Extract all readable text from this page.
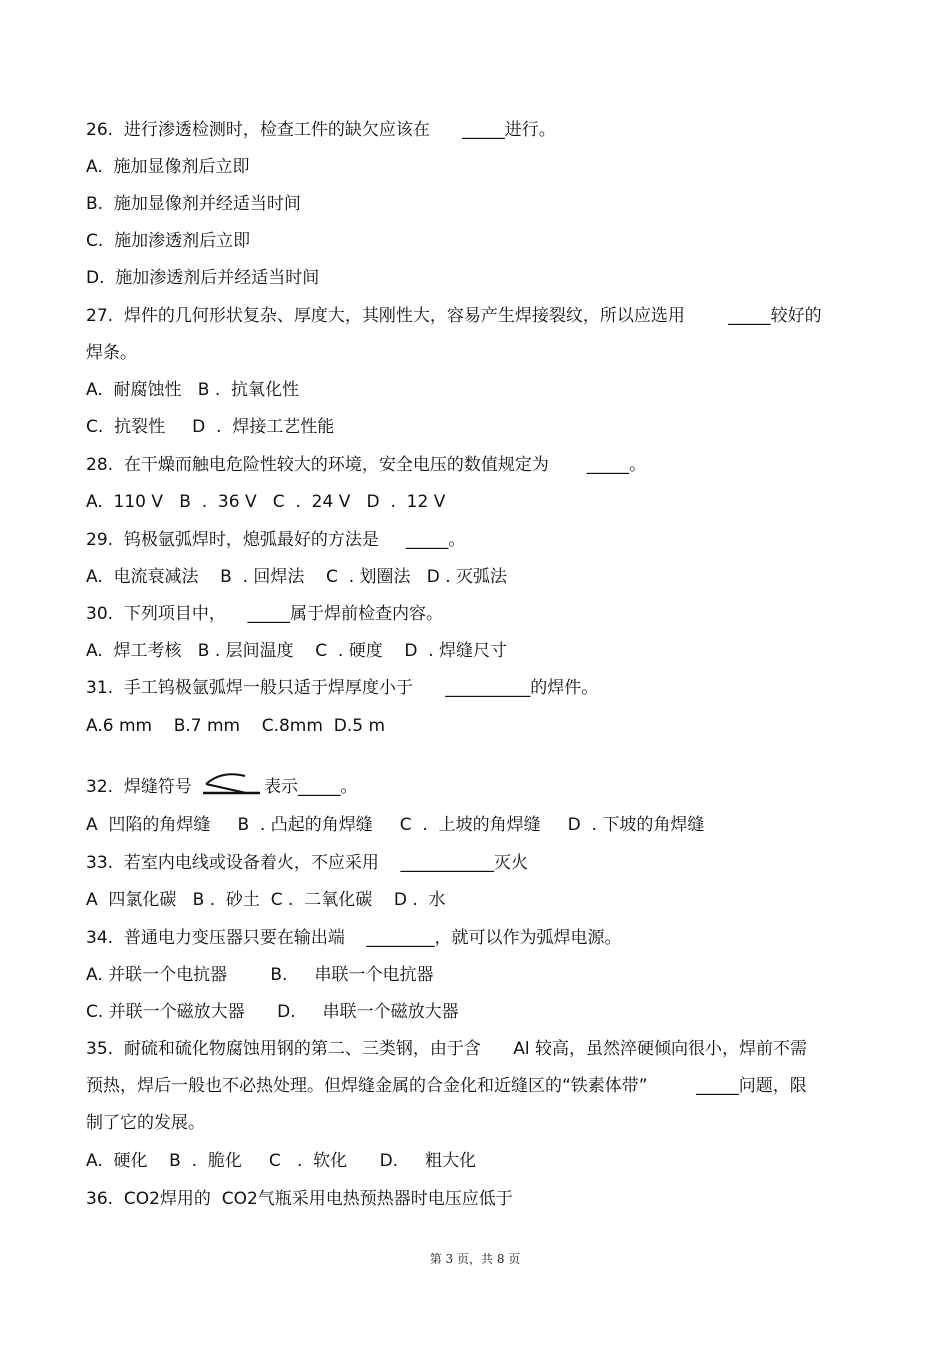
26.  进行渗透检测时，检查工件的缺欠应该在      _____进行。
A.  施加显像剂后立即
B.  施加显像剂并经适当时间
C.  施加渗透剂后立即
D.  施加渗透剂后并经适当时间
27.  焊件的几何形状复杂、厚度大，其刚性大，容易产生焊接裂纹，所以应选用        _____较好的
焊条。
A.  耐腐蚀性   B .  抗氧化性
C.  抗裂性     D  .  焊接工艺性能
28.  在干燥而触电危险性较大的环境，安全电压的数值规定为       _____。
A.  110 V   B  .  36 V   C  .  24 V   D  .  12 V
29.  钨极氩弧焊时，熄弧最好的方法是     _____。
A.  电流衰减法    B  . 回焊法    C  . 划圈法   D . 灭弧法
30.  下列项目中，    _____属于焊前检查内容。
A.  焊工考核   B . 层间温度    C  . 硬度    D  . 焊缝尺寸
31.  手工钨极氩弧焊一般只适于焊厚度小于      __________的焊件。
A.6 mm    B.7 mm    C.8mm  D.5 m
32.  焊缝符号	表示_____。
A  凹陷的角焊缝     B  . 凸起的角焊缝     C  .  上坡的角焊缝     D  . 下坡的角焊缝
33.  若室内电线或设备着火，不应采用    ___________灭火
A  四氯化碳   B .  砂土  C .  二氧化碳    D .  水
34.  普通电力变压器只要在输出端    ________，就可以作为弧焊电源。
A. 并联一个电抗器        B.     串联一个电抗器
C. 并联一个磁放大器      D.     串联一个磁放大器
35.  耐硫和硫化物腐蚀用钢的第二、三类钢，由于含      Al 较高，虽然淬硬倾向很小，焊前不需
预热，焊后一般也不必热处理。但焊缝金属的合金化和近缝区的“铁素体带”         _____问题，限
制了它的发展。
A.  硬化    B  .  脆化     C   .  软化      D.     粗大化
36.  CO2焊用的  CO2气瓶采用电热预热器时电压应低于
第 3 页，共 8 页
